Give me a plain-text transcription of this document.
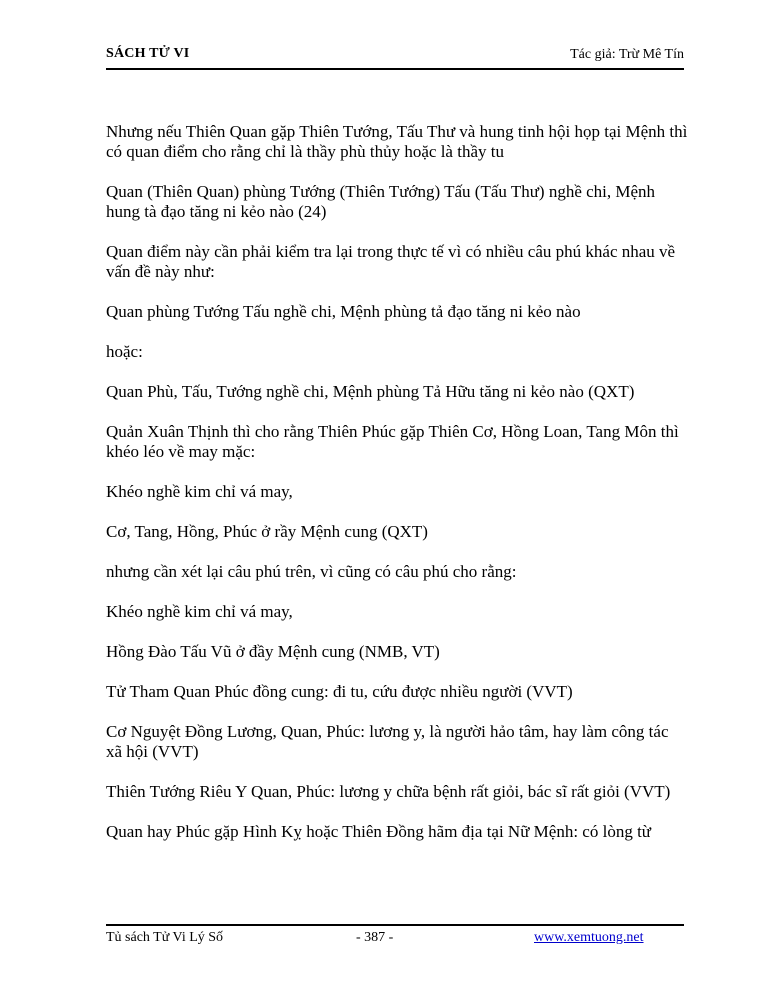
SÁCH TỬ VI	Tác giả: Trừ Mê Tín

Nhưng nếu Thiên Quan gặp Thiên Tướng, Tấu Thư và hung tinh hội họp tại Mệnh thì có quan điểm cho rằng chỉ là thầy phù thủy hoặc là thầy tu

Quan (Thiên Quan) phùng Tướng (Thiên Tướng) Tấu (Tấu Thư) nghề chi, Mệnh hung tà đạo tăng ni kẻo nào (24)

Quan điểm này cần phải kiểm tra lại trong thực tế vì có nhiều câu phú khác nhau về vấn đề này như:

Quan phùng Tướng Tấu nghề chi, Mệnh phùng tả đạo tăng ni kẻo nào

hoặc:

Quan Phù, Tấu, Tướng nghề chi, Mệnh phùng Tả Hữu tăng ni kẻo nào (QXT)

Quản Xuân Thịnh thì cho rằng Thiên Phúc gặp Thiên Cơ, Hồng Loan, Tang Môn thì khéo léo về may mặc:

Khéo nghề kim chỉ vá may,

Cơ, Tang, Hồng, Phúc ở rầy Mệnh cung (QXT)

nhưng cần xét lại câu phú trên, vì cũng có câu phú cho rằng:

Khéo nghề kim chỉ vá may,

Hồng Đào Tấu Vũ ở đầy Mệnh cung (NMB, VT)

Tử Tham Quan Phúc đồng cung: đi tu, cứu được nhiều người (VVT)

Cơ Nguyệt Đồng Lương, Quan, Phúc: lương y, là người hảo tâm, hay làm công tác xã hội (VVT)

Thiên Tướng Riêu Y Quan, Phúc: lương y chữa bệnh rất giỏi, bác sĩ rất giỏi (VVT)

Quan hay Phúc gặp Hình Kỵ hoặc Thiên Đồng hãm địa tại Nữ Mệnh: có lòng từ

Tủ sách Tử Vi Lý Số	- 387 -	www.xemtuong.net
